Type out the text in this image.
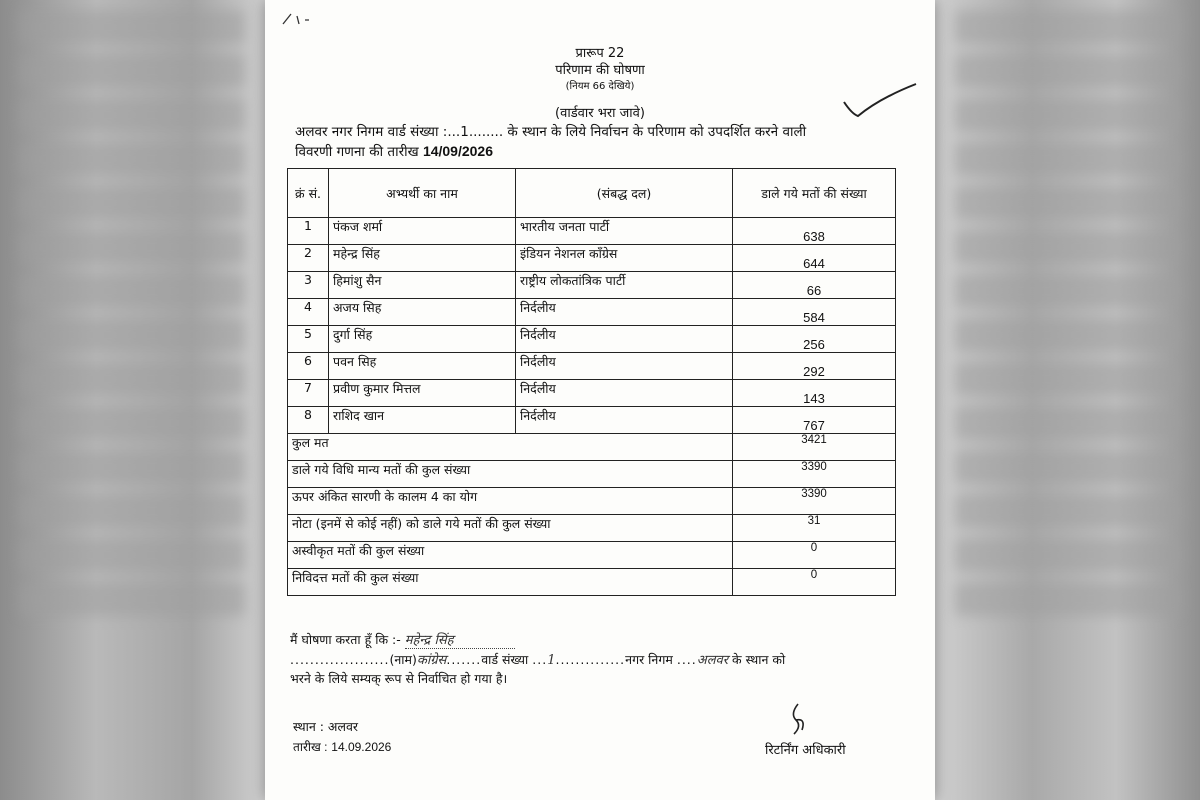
प्रारूप 22
परिणाम की घोषणा
(नियम 66 देखिये)
(वार्डवार भरा जावे)
अलवर नगर निगम वार्ड संख्या :...1........ के स्थान के लिये निर्वाचन के परिणाम को उपदर्शित करने वाली
विवरणी गणना की तारीख 14/09/2026
क्रं सं.	अभ्यर्थी का नाम	(संबद्ध दल)	डाले गये मतों की संख्या
1	पंकज शर्मा	भारतीय जनता पार्टी	638
2	महेन्द्र सिंह	इंडियन नेशनल कॉंग्रेस	644
3	हिमांशु सैन	राष्ट्रीय लोकतांत्रिक पार्टी	66
4	अजय सिह	निर्दलीय	584
5	दुर्गा सिंह	निर्दलीय	256
6	पवन सिह	निर्दलीय	292
7	प्रवीण कुमार मित्तल	निर्दलीय	143
8	राशिद खान	निर्दलीय	767
कुल मत			3421
डाले गये विधि मान्य मतों की कुल संख्या			3390
ऊपर अंकित सारणी के कालम 4 का योग			3390
नोटा (इनमें से कोई नहीं) को डाले गये मतों की कुल संख्या			31
अस्वीकृत मतों की कुल संख्या			0
निविदत्त मतों की कुल संख्या			0
मैं घोषणा करता हूँ कि :- महेन्द्र सिंह
....................(नाम)कांग्रेस.......वार्ड संख्या ...1..............नगर निगम ....अलवर के स्थान को
भरने के लिये सम्यक् रूप से निर्वाचित हो गया है।
स्थान : अलवर
तारीख : 14.09.2026	रिटर्निंग अधिकारी
